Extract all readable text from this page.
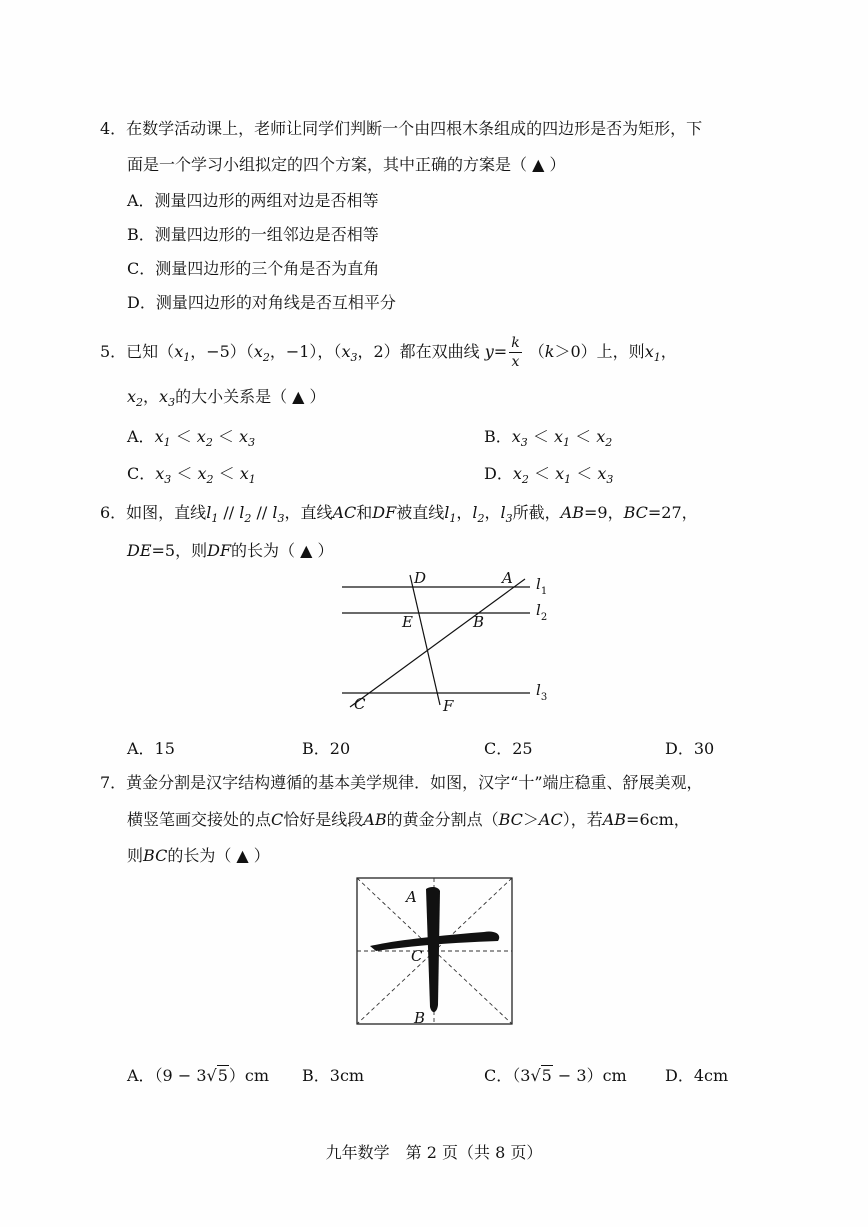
4．在数学活动课上，老师让同学们判断一个由四根木条组成的四边形是否为矩形，下
面是一个学习小组拟定的四个方案，其中正确的方案是（ ▲ ）
A．测量四边形的两组对边是否相等
B．测量四边形的一组邻边是否相等
C．测量四边形的三个角是否为直角
D．测量四边形的对角线是否互相平分
5．已知（$x_1$，$-5)(x_2$，−1），（$x_3$，2）都在双曲线 $y= \frac{k}{x} (k>0)$上，则$x_1$，
$x_2$，$x_3$的大小关系是（ ▲ ）
A．$x_1 < x_2 < x_3$	B．$x_3 < x_1 < x_2$
C．$x_3 < x_2 < x_1$	D．$x_2 < x_1 < x_3$
6．如图，直线$l_1 // l_2 // l_3$，直线AC和DF被直线$l_1$，$l_2$，$l_3$所截，AB=9，BC=27，
DE=5，则DF的长为（ ▲ ）
D	A
E	B
C	F
$l_1$
$l_2$
$l_3$
A．15	B．20	C．25	D．30
7．黄金分割是汉字结构遵循的基本美学规律．如图，汉字“十”端庄稳重、舒展美观，
横竖笔画交接处的点C恰好是线段AB的黄金分割点（BC＞AC），若AB=6cm，
则BC的长为（ ▲ ）
A
C
B
A．（9 − 3√5）cm B．3cm	C．（3√5 − 3）cm D．4cm
九年数学　第 2 页（共 8 页）
